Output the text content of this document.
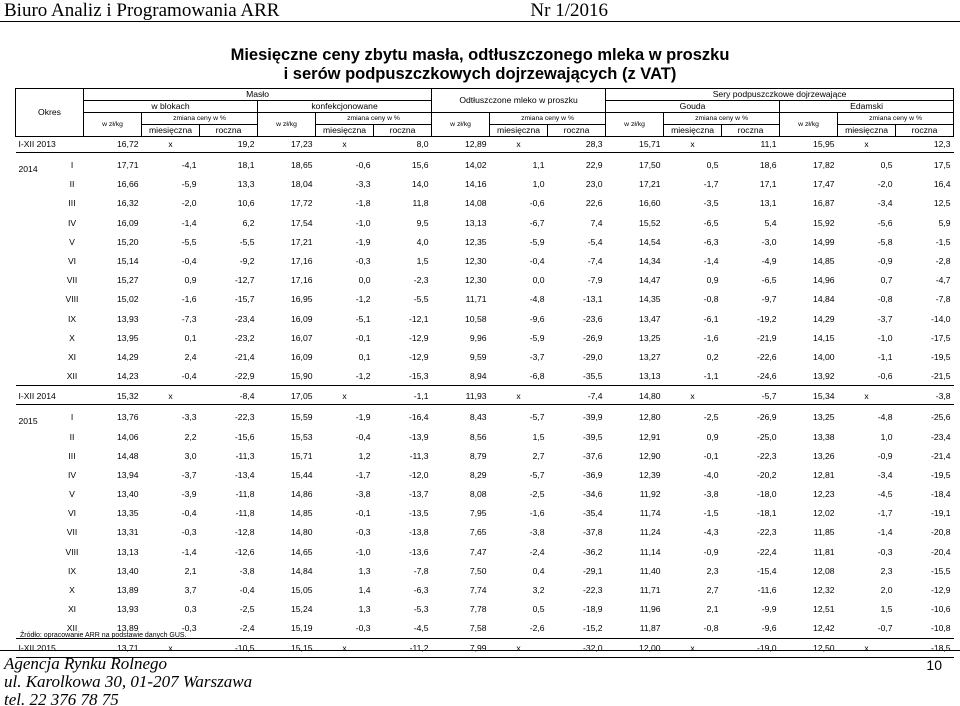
Biuro Analiz i Programowania ARR	Nr 1/2016
Miesięczne ceny zbytu masła, odtłuszczonego mleka w proszku
i serów podpuszczkowych dojrzewających (z VAT)
Okres		Masło						Odtłuszczone mleko w proszku			Sery podpuszczkowe dojrzewające					
		w blokach			konfekcjonowane						Gouda			Edamski		
		w zł/kg	zmiana ceny w %		w zł/kg	zmiana ceny w %		w zł/kg	zmiana ceny w %		w zł/kg	zmiana ceny w %		w zł/kg	zmiana ceny w %	
			miesięczna	roczna		miesięczna	roczna		miesięczna	roczna		miesięczna	roczna		miesięczna	roczna
I-XII 2013		16,72	x	19,2	17,23	x	8,0	12,89	x	28,3	15,71	x	11,1	15,95	x	12,3

2014	I	17,71	-4,1	18,1	18,65	-0,6	15,6	14,02	1,1	22,9	17,50	0,5	18,6	17,82	0,5	17,5
	II	16,66	-5,9	13,3	18,04	-3,3	14,0	14,16	1,0	23,0	17,21	-1,7	17,1	17,47	-2,0	16,4
	III	16,32	-2,0	10,6	17,72	-1,8	11,8	14,08	-0,6	22,6	16,60	-3,5	13,1	16,87	-3,4	12,5
	IV	16,09	-1,4	6,2	17,54	-1,0	9,5	13,13	-6,7	7,4	15,52	-6,5	5,4	15,92	-5,6	5,9
	V	15,20	-5,5	-5,5	17,21	-1,9	4,0	12,35	-5,9	-5,4	14,54	-6,3	-3,0	14,99	-5,8	-1,5
	VI	15,14	-0,4	-9,2	17,16	-0,3	1,5	12,30	-0,4	-7,4	14,34	-1,4	-4,9	14,85	-0,9	-2,8
	VII	15,27	0,9	-12,7	17,16	0,0	-2,3	12,30	0,0	-7,9	14,47	0,9	-6,5	14,96	0,7	-4,7
	VIII	15,02	-1,6	-15,7	16,95	-1,2	-5,5	11,71	-4,8	-13,1	14,35	-0,8	-9,7	14,84	-0,8	-7,8
	IX	13,93	-7,3	-23,4	16,09	-5,1	-12,1	10,58	-9,6	-23,6	13,47	-6,1	-19,2	14,29	-3,7	-14,0
	X	13,95	0,1	-23,2	16,07	-0,1	-12,9	9,96	-5,9	-26,9	13,25	-1,6	-21,9	14,15	-1,0	-17,5
	XI	14,29	2,4	-21,4	16,09	0,1	-12,9	9,59	-3,7	-29,0	13,27	0,2	-22,6	14,00	-1,1	-19,5
	XII	14,23	-0,4	-22,9	15,90	-1,2	-15,3	8,94	-6,8	-35,5	13,13	-1,1	-24,6	13,92	-0,6	-21,5

I-XII 2014		15,32	x	-8,4	17,05	x	-1,1	11,93	x	-7,4	14,80	x	-5,7	15,34	x	-3,8

2015	I	13,76	-3,3	-22,3	15,59	-1,9	-16,4	8,43	-5,7	-39,9	12,80	-2,5	-26,9	13,25	-4,8	-25,6
	II	14,06	2,2	-15,6	15,53	-0,4	-13,9	8,56	1,5	-39,5	12,91	0,9	-25,0	13,38	1,0	-23,4
	III	14,48	3,0	-11,3	15,71	1,2	-11,3	8,79	2,7	-37,6	12,90	-0,1	-22,3	13,26	-0,9	-21,4
	IV	13,94	-3,7	-13,4	15,44	-1,7	-12,0	8,29	-5,7	-36,9	12,39	-4,0	-20,2	12,81	-3,4	-19,5
	V	13,40	-3,9	-11,8	14,86	-3,8	-13,7	8,08	-2,5	-34,6	11,92	-3,8	-18,0	12,23	-4,5	-18,4
	VI	13,35	-0,4	-11,8	14,85	-0,1	-13,5	7,95	-1,6	-35,4	11,74	-1,5	-18,1	12,02	-1,7	-19,1
	VII	13,31	-0,3	-12,8	14,80	-0,3	-13,8	7,65	-3,8	-37,8	11,24	-4,3	-22,3	11,85	-1,4	-20,8
	VIII	13,13	-1,4	-12,6	14,65	-1,0	-13,6	7,47	-2,4	-36,2	11,14	-0,9	-22,4	11,81	-0,3	-20,4
	IX	13,40	2,1	-3,8	14,84	1,3	-7,8	7,50	0,4	-29,1	11,40	2,3	-15,4	12,08	2,3	-15,5
	X	13,89	3,7	-0,4	15,05	1,4	-6,3	7,74	3,2	-22,3	11,71	2,7	-11,6	12,32	2,0	-12,9
	XI	13,93	0,3	-2,5	15,24	1,3	-5,3	7,78	0,5	-18,9	11,96	2,1	-9,9	12,51	1,5	-10,6
	XII	13,89	-0,3	-2,4	15,19	-0,3	-4,5	7,58	-2,6	-15,2	11,87	-0,8	-9,6	12,42	-0,7	-10,8

I-XII 2015		13,71	x	-10,5	15,15	x	-11,2	7,99	x	-32,0	12,00	x	-19,0	12,50	x	-18,5

Źródło: opracowanie ARR na podstawie danych GUS.
Agencja Rynku Rolnego
ul. Karolkowa 30, 01-207 Warszawa
tel. 22 376 78 75
10
